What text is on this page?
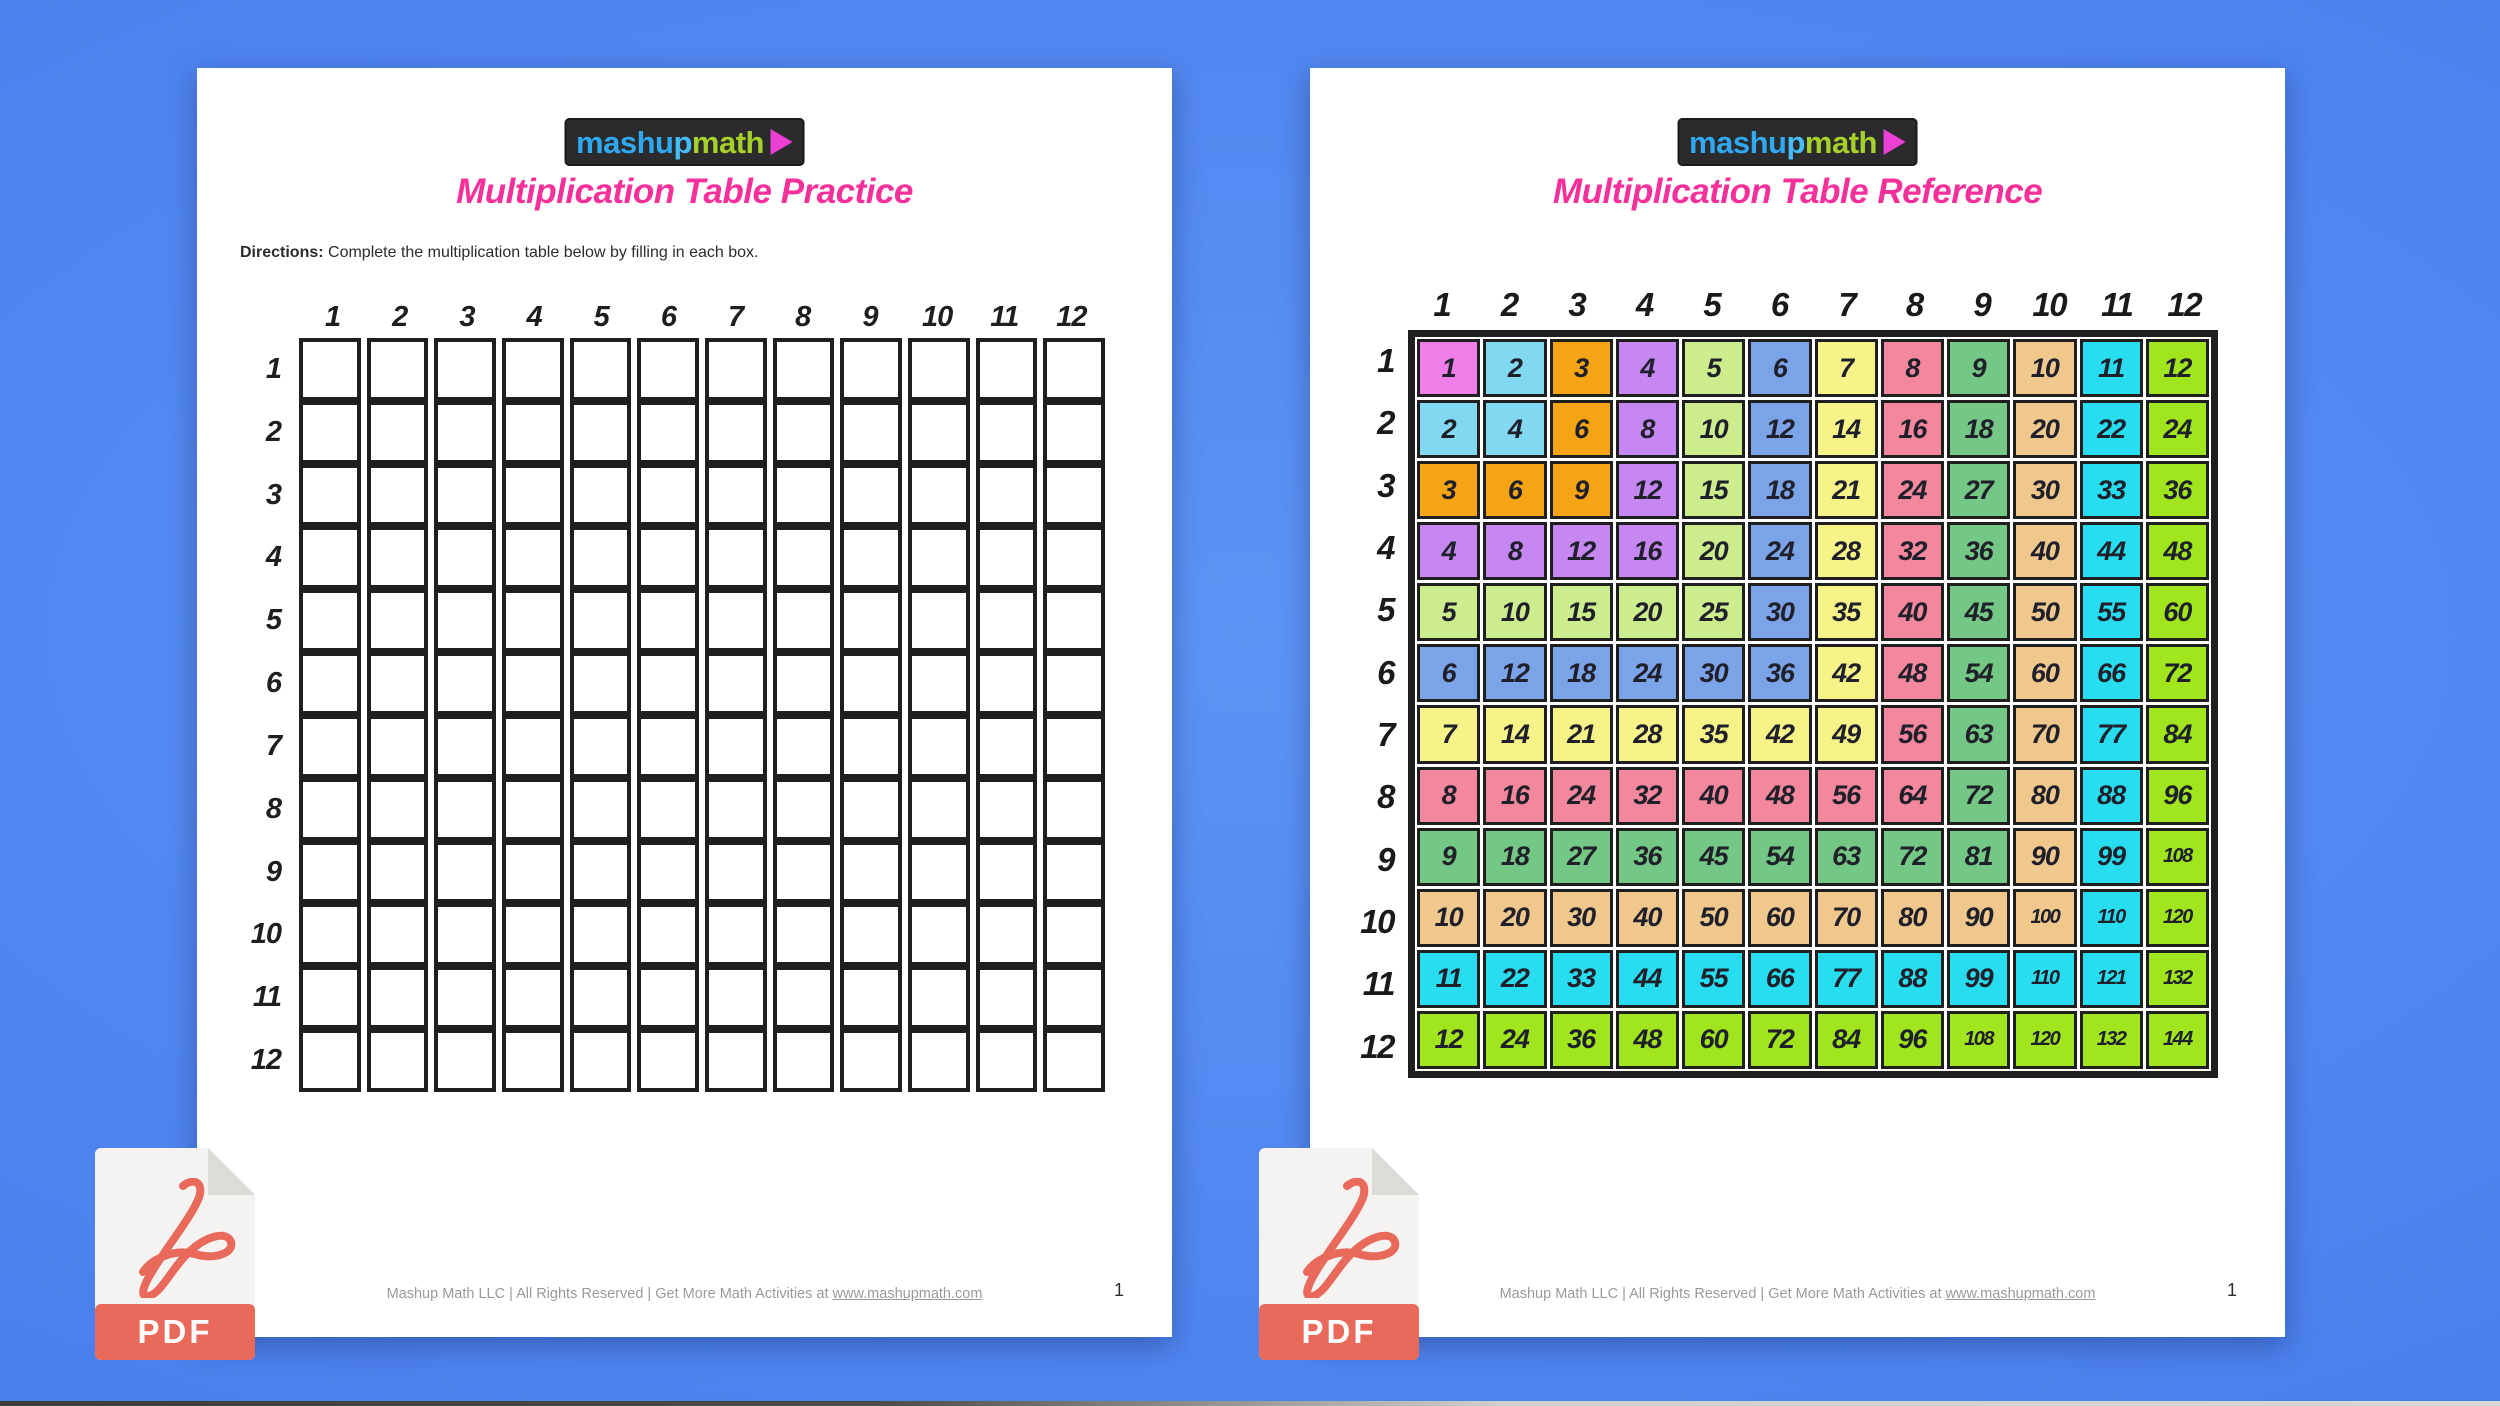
mashu p math
Multiplication Table Practice
Directions: Complete the multiplication table below by filling in each box.
1 2 3 4 5 6 7 8 9 10 11 12
1
2
3
4
5
6
7
8
9
10
11
12
Mashup Math LLC | All Rights Reserved | Get More Math Activities at www.mashupmath.com	1
mashu p math
Multiplication Table Reference
1 2 3 4 5 6 7 8 9 10 11 12
1
2
3
4
5
6
7
8
9
10
11
12
1	2	3	4	5	6	7	8	9	10	11	12
2	4	6	8	10	12	14	16	18	20	22	24
3	6	9	12	15	18	21	24	27	30	33	36
4	8	12	16	20	24	28	32	36	40	44	48
5	10	15	20	25	30	35	40	45	50	55	60
6	12	18	24	30	36	42	48	54	60	66	72
7	14	21	28	35	42	49	56	63	70	77	84
8	16	24	32	40	48	56	64	72	80	88	96
9	18	27	36	45	54	63	72	81	90	99	108
10	20	30	40	50	60	70	80	90	100	110	120
11	22	33	44	55	66	77	88	99	110	121	132
12	24	36	48	60	72	84	96	108	120	132	144
Mashup Math LLC | All Rights Reserved | Get More Math Activities at www.mashupmath.com	1
PDF	PDF
